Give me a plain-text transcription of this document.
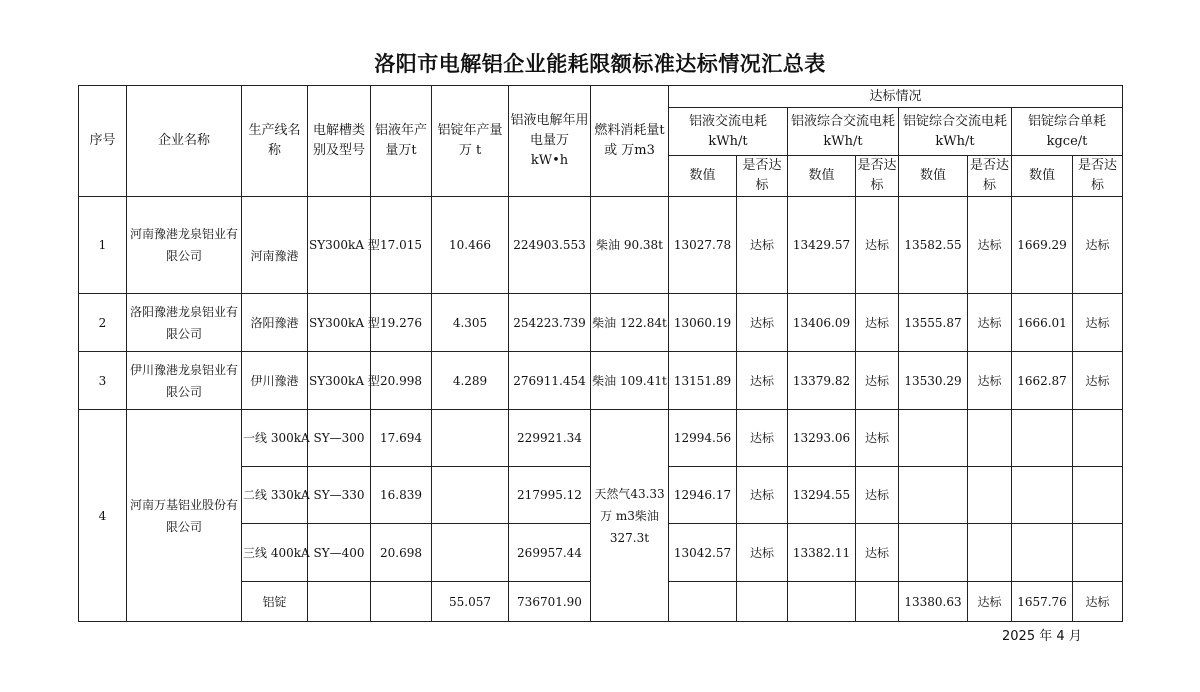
洛阳市电解铝企业能耗限额标准达标情况汇总表
序号	企业名称	生产线名称	电解槽类别及型号	铝液年产量万t	铝锭年产量万 t	铝液电解年用电量万 kW•h	燃料消耗量t 或 万m3	达标情况							
								铝液交流电耗kWh/t		铝液综合交流电耗 kWh/t		铝锭综合交流电耗 kWh/t		铝锭综合单耗 kgce/t	
								数值	是否达标	数值	是否达标	数值	是否达标	数值	是否达标
1	河南豫港龙泉铝业有限公司	河南豫港	SY300kA 型	17.015	10.466	224903.553	柴油 90.38t	13027.78	达标	13429.57	达标	13582.55	达标	1669.29	达标
2	洛阳豫港龙泉铝业有限公司	洛阳豫港	SY300kA 型	19.276	4.305	254223.739	柴油 122.84t	13060.19	达标	13406.09	达标	13555.87	达标	1666.01	达标
3	伊川豫港龙泉铝业有限公司	伊川豫港	SY300kA 型	20.998	4.289	276911.454	柴油 109.41t	13151.89	达标	13379.82	达标	13530.29	达标	1662.87	达标
4	河南万基铝业股份有限公司	一线 300kA	SY—300	17.694		229921.34	天然气43.33 万 m3柴油327.3t	12994.56	达标	13293.06	达标				
		二线 330kA	SY—330	16.839		217995.12		12946.17	达标	13294.55	达标				
		三线 400kA	SY—400	20.698		269957.44		13042.57	达标	13382.11	达标				
		铝锭			55.057	736701.90						13380.63	达标	1657.76	达标
2025 年 4 月
